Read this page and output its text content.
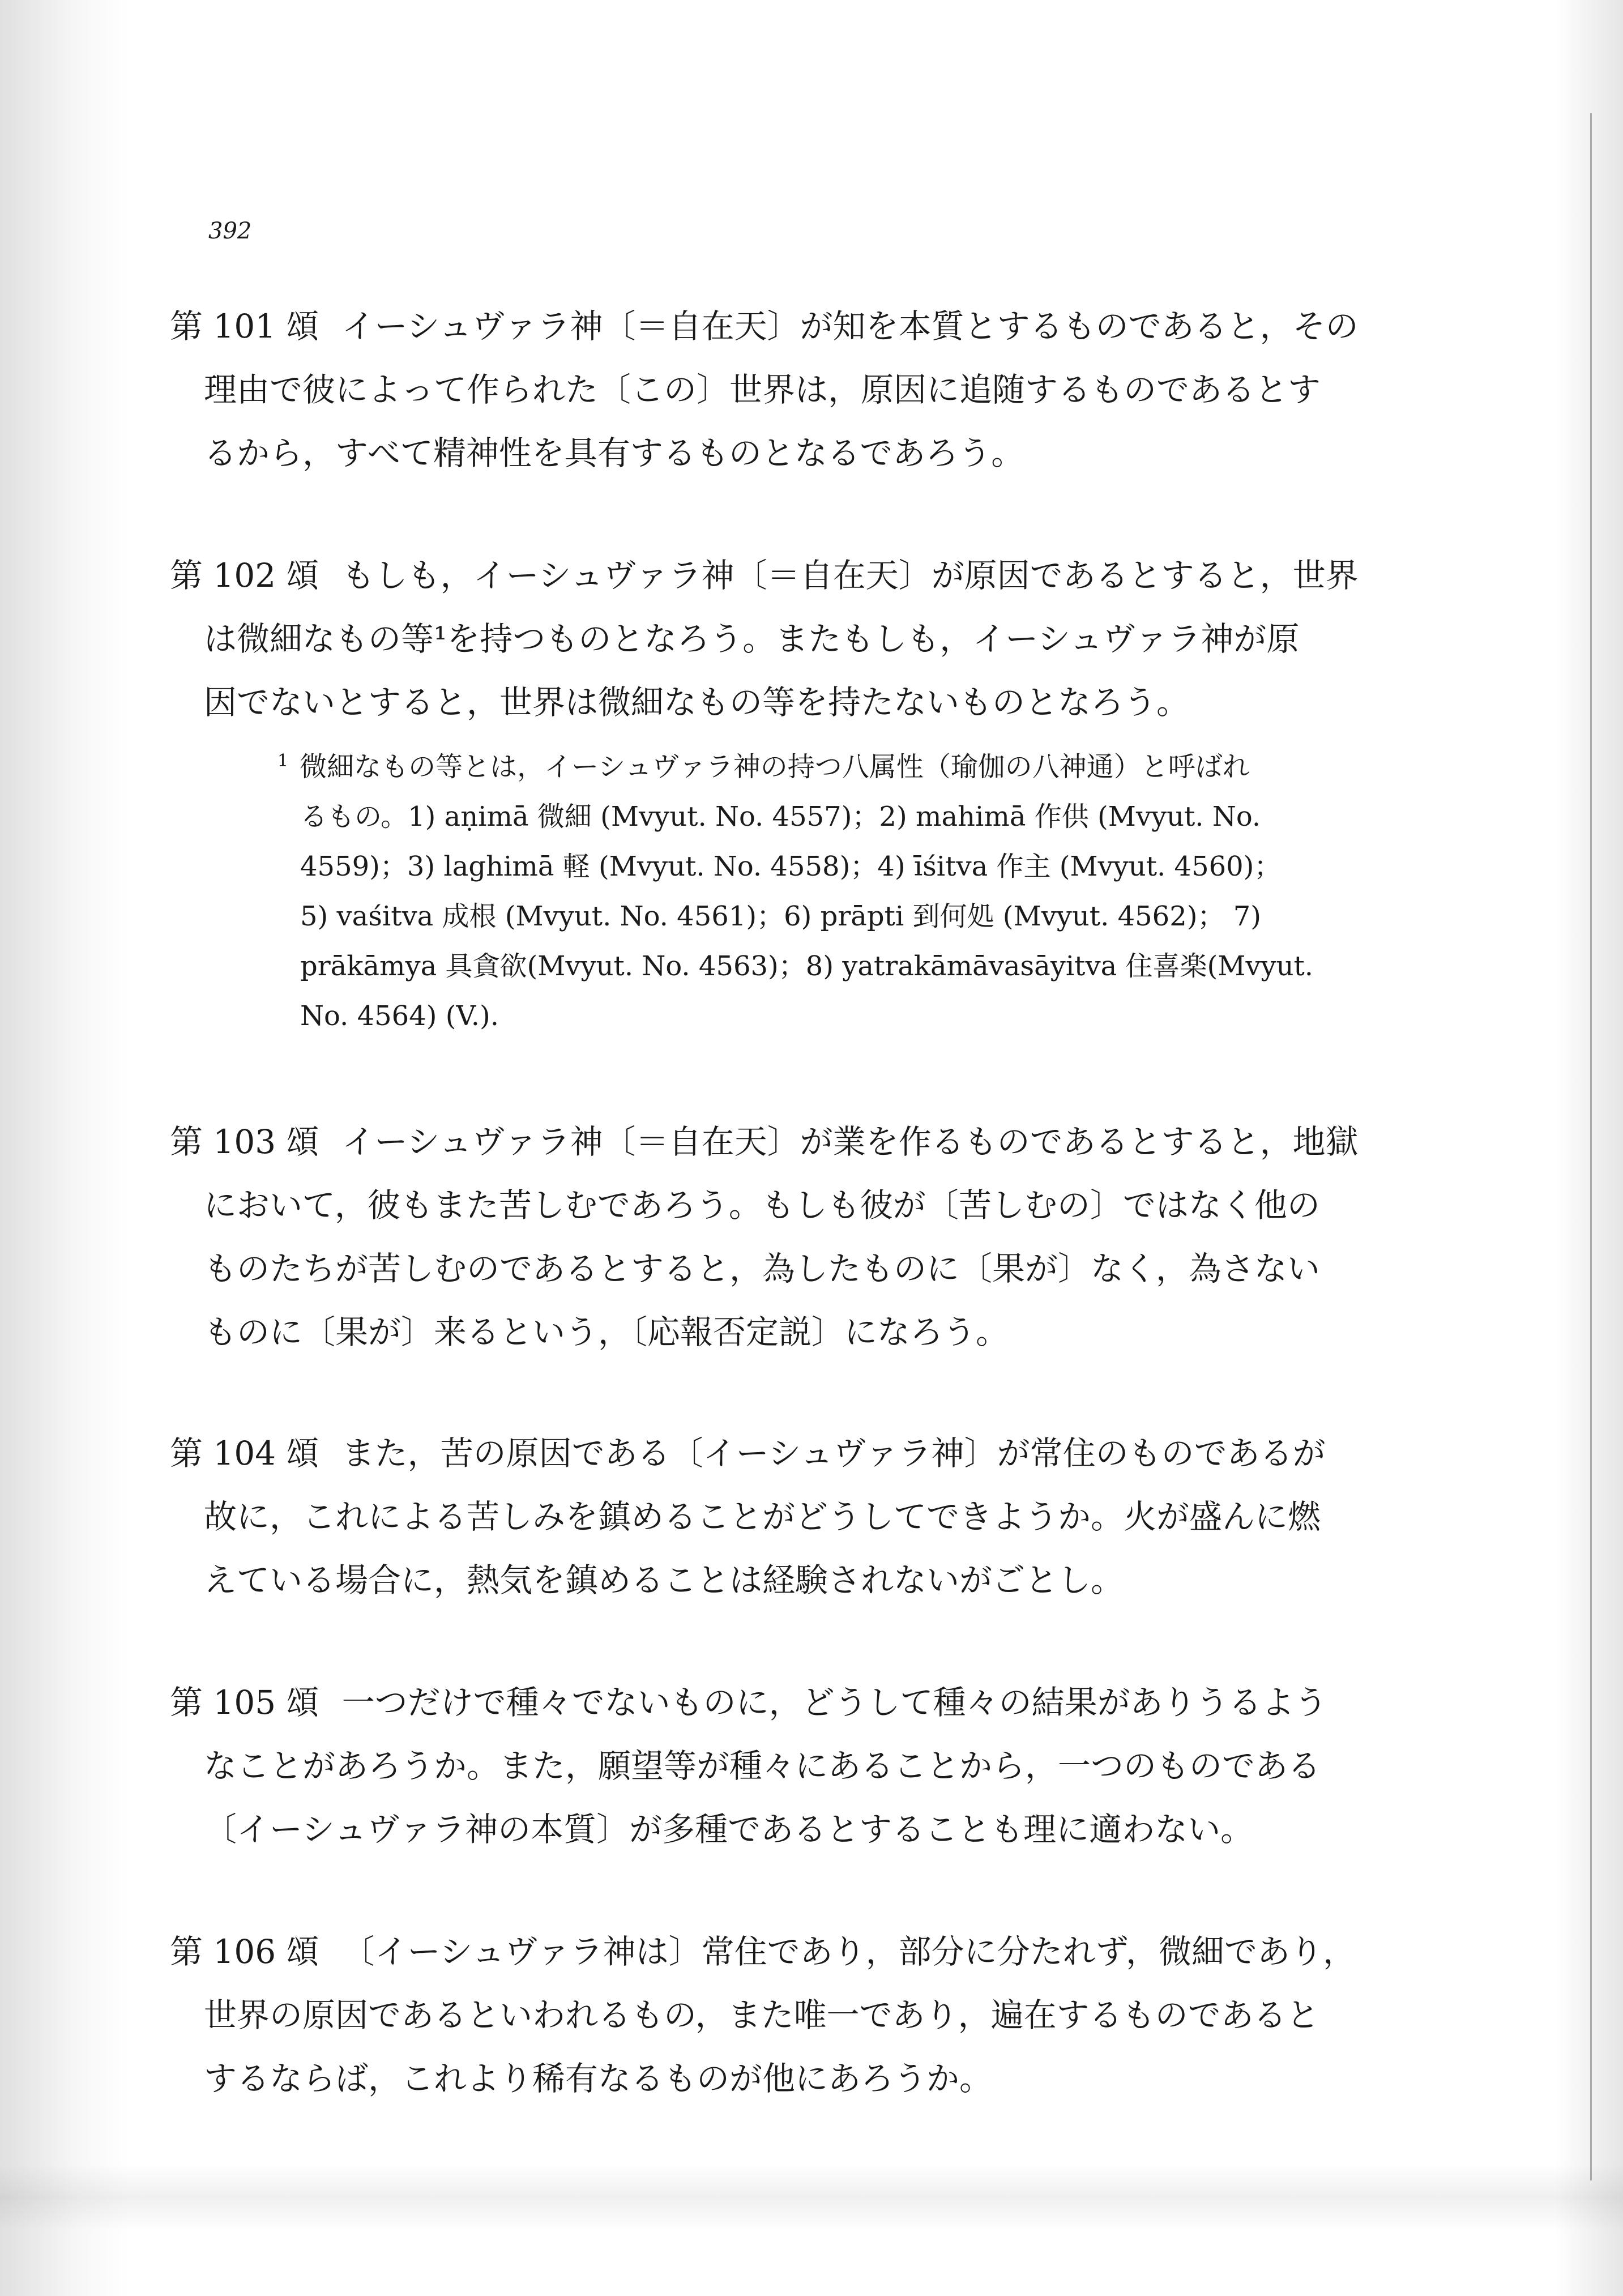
392
第 101 頌 イーシュヴァラ神〔＝自在天〕が知を本質とするものであると，その
理由で彼によって作られた〔この〕世界は，原因に追随するものであるとす
るから，すべて精神性を具有するものとなるであろう。
第 102 頌 もしも，イーシュヴァラ神〔＝自在天〕が原因であるとすると，世界
は微細なもの等¹を持つものとなろう。またもしも，イーシュヴァラ神が原
因でないとすると，世界は微細なもの等を持たないものとなろう。
$^1$ 微細なもの等とは，イーシュヴァラ神の持つ八属性（瑜伽の八神通）と呼ばれ
るもの。1) aṇimā 微細 (Mvyut. No. 4557)；2) mahimā 作供 (Mvyut. No.
4559)；3) laghimā 軽 (Mvyut. No. 4558)；4) īśitva 作主 (Mvyut. 4560)；
5) vaśitva 成根 (Mvyut. No. 4561)；6) prāpti 到何処 (Mvyut. 4562)； 7)
prākāmya 具貪欲(Mvyut. No. 4563)；8) yatrakāmāvasāyitva 住喜楽(Mvyut.
No. 4564) (V.).
第 103 頌 イーシュヴァラ神〔＝自在天〕が業を作るものであるとすると，地獄
において，彼もまた苦しむであろう。もしも彼が〔苦しむの〕ではなく他の
ものたちが苦しむのであるとすると，為したものに〔果が〕なく，為さない
ものに〔果が〕来るという，〔応報否定説〕になろう。
第 104 頌 また，苦の原因である〔イーシュヴァラ神〕が常住のものであるが
故に，これによる苦しみを鎮めることがどうしてできようか。火が盛んに燃
えている場合に，熱気を鎮めることは経験されないがごとし。
第 105 頌 一つだけで種々でないものに，どうして種々の結果がありうるよう
なことがあろうか。また，願望等が種々にあることから，一つのものである
〔イーシュヴァラ神の本質〕が多種であるとすることも理に適わない。
第 106 頌 〔イーシュヴァラ神は〕常住であり，部分に分たれず，微細であり，
世界の原因であるといわれるもの，また唯一であり，遍在するものであると
するならば，これより稀有なるものが他にあろうか。
